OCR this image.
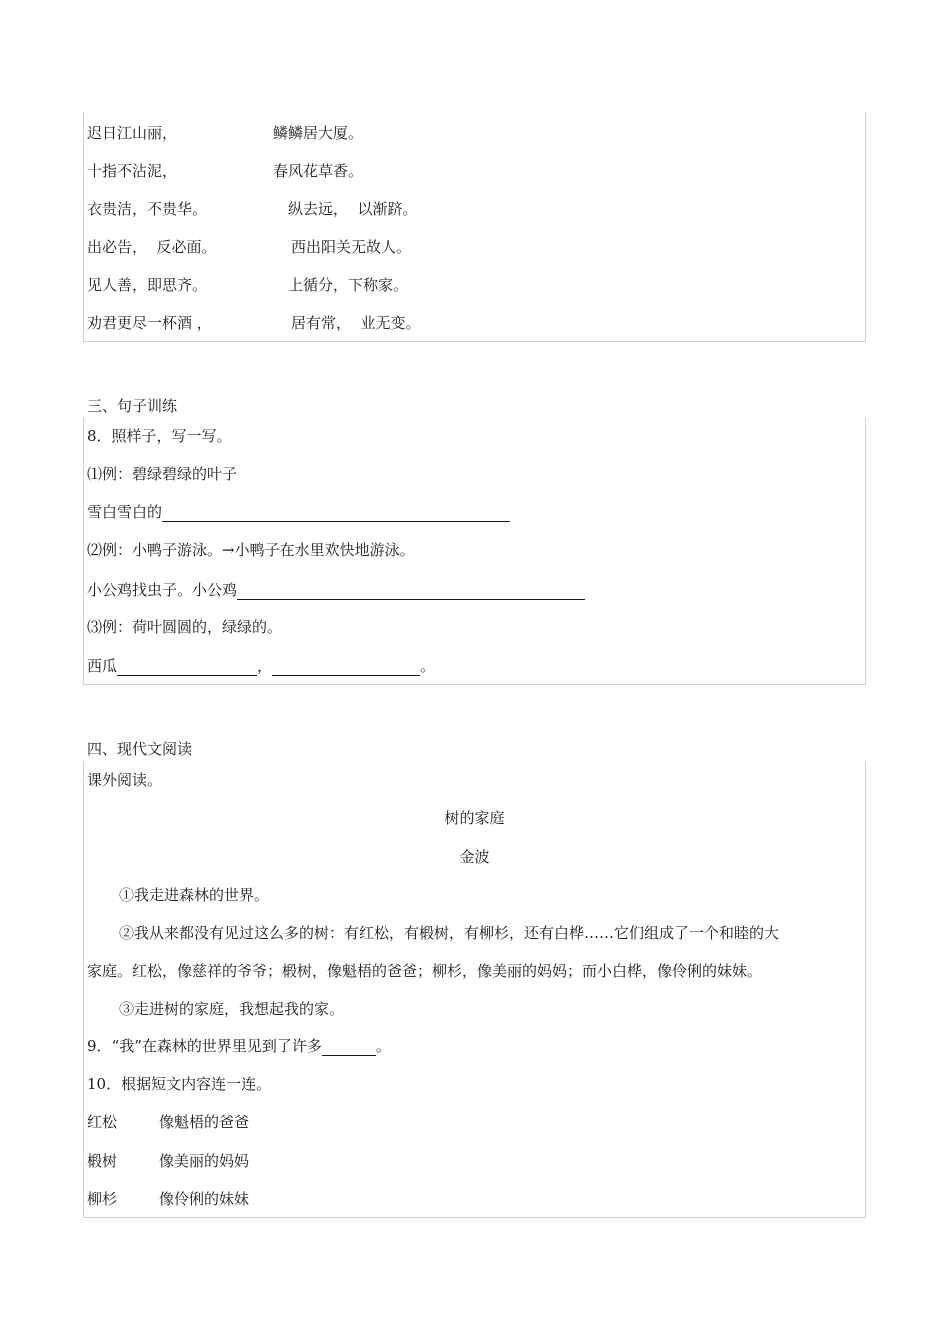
迟日江山丽，	鳞鳞居大厦。
十指不沾泥，	春风花草香。
衣贵洁，不贵华。	纵去远，  以渐跻。
出必告，  反必面。	西出阳关无故人。
见人善，即思齐。	上循分，下称家。
劝君更尽一杯酒 ，	居有常，  业无变。
三、句子训练
8．照样子，写一写。
⑴例：碧绿碧绿的叶子
雪白雪白的
⑵例：小鸭子游泳。→小鸭子在水里欢快地游泳。
小公鸡找虫子。小公鸡
⑶例：荷叶圆圆的，绿绿的。
西瓜	，	。
四、现代文阅读
课外阅读。
树的家庭
金波
①我走进森林的世界。
②我从来都没有见过这么多的树：有红松，有椴树，有柳杉，还有白桦……它们组成了一个和睦的大
家庭。红松，像慈祥的爷爷；椴树，像魁梧的爸爸；柳杉，像美丽的妈妈；而小白桦，像伶俐的妹妹。
③走进树的家庭，我想起我的家。
9．“我”在森林的世界里见到了许多	。
10．根据短文内容连一连。
红松	像魁梧的爸爸
椴树	像美丽的妈妈
柳杉	像伶俐的妹妹
